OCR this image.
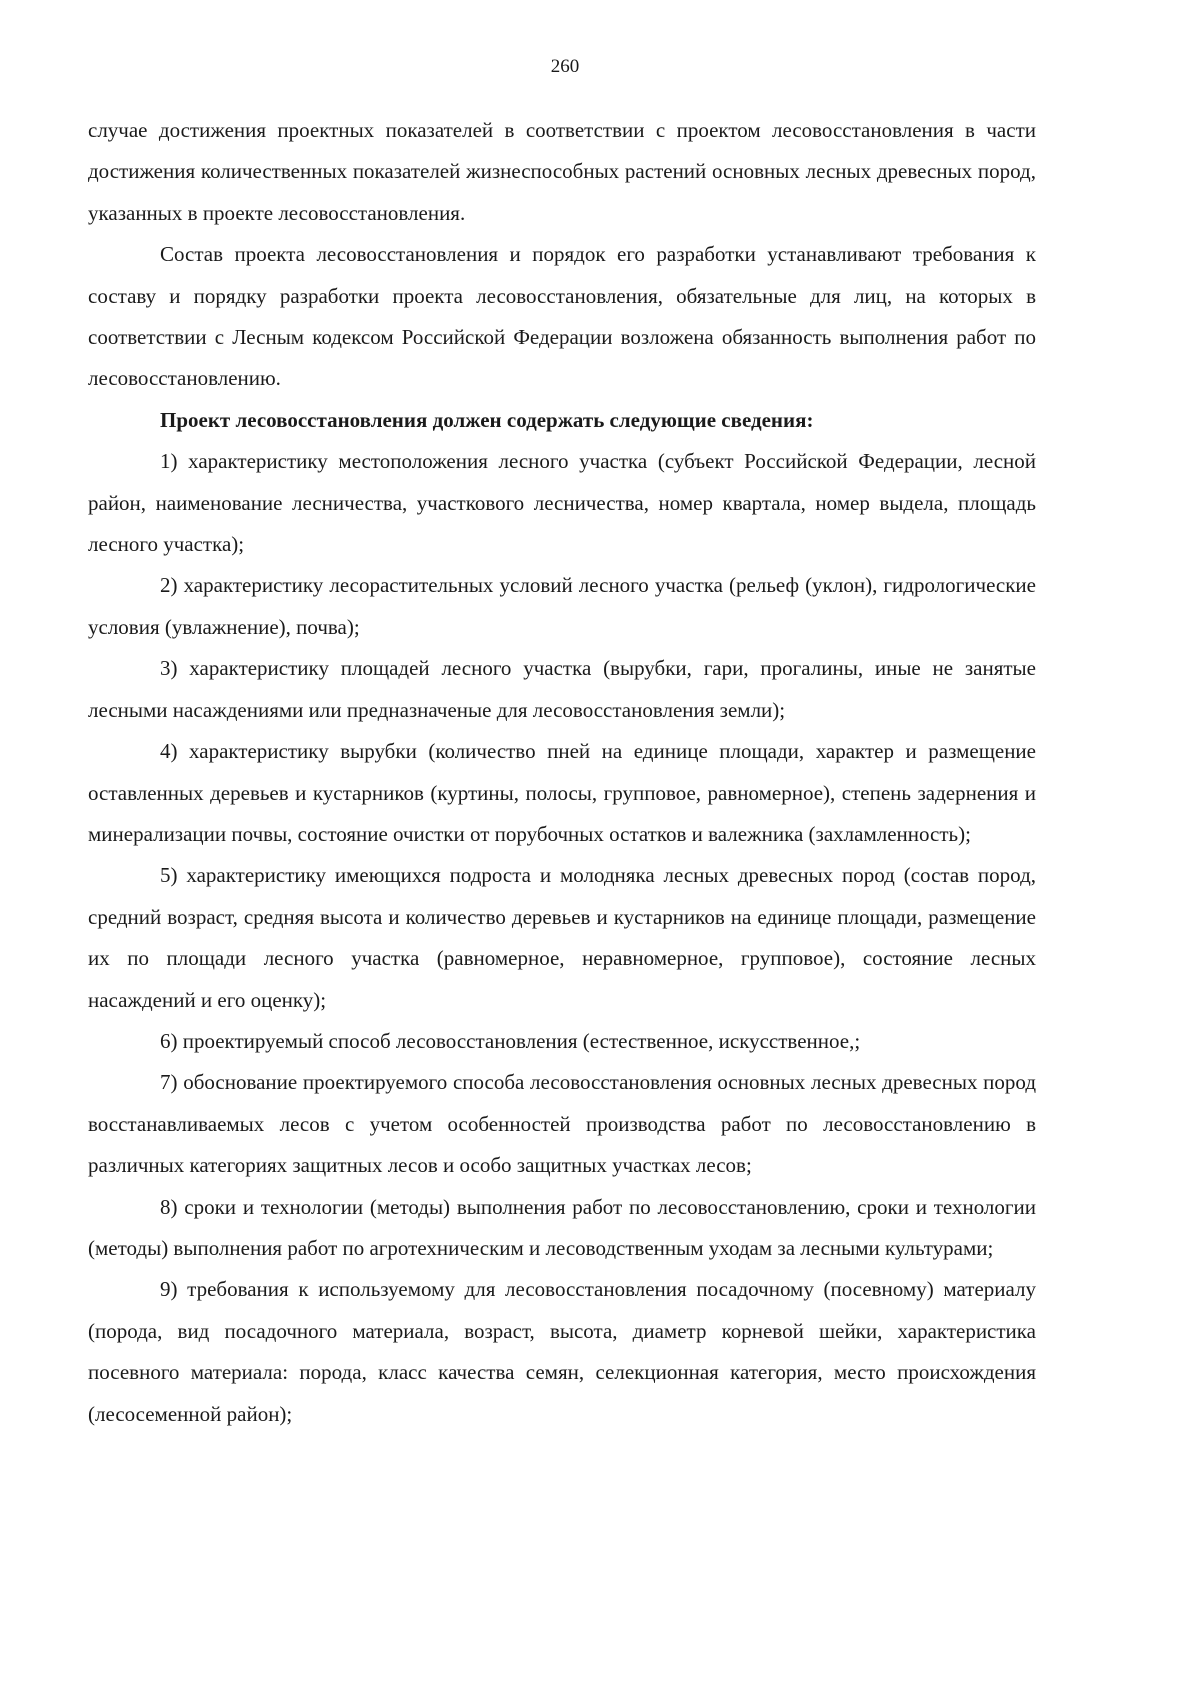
260

случае достижения проектных показателей в соответствии с проектом лесовосстановления в части достижения количественных показателей жизнеспособных растений основных лесных древесных пород, указанных в проекте лесовосстановления.

Состав проекта лесовосстановления и порядок его разработки устанавливают требования к составу и порядку разработки проекта лесовосстановления, обязательные для лиц, на которых в соответствии с Лесным кодексом Российской Федерации возложена обязанность выполнения работ по лесовосстановлению.

Проект лесовосстановления должен содержать следующие сведения:

1) характеристику местоположения лесного участка (субъект Российской Федерации, лесной район, наименование лесничества, участкового лесничества, номер квартала, номер выдела, площадь лесного участка);

2) характеристику лесорастительных условий лесного участка (рельеф (уклон), гидрологические условия (увлажнение), почва);

3) характеристику площадей лесного участка (вырубки, гари, прогалины, иные не занятые лесными насаждениями или предназначеные для лесовосстановления земли);

4) характеристику вырубки (количество пней на единице площади, характер и размещение оставленных деревьев и кустарников (куртины, полосы, групповое, равномерное), степень задернения и минерализации почвы, состояние очистки от порубочных остатков и валежника (захламленность);

5) характеристику имеющихся подроста и молодняка лесных древесных пород (состав пород, средний возраст, средняя высота и количество деревьев и кустарников на единице площади, размещение их по площади лесного участка (равномерное, неравномерное, групповое), состояние лесных насаждений и его оценку);

6) проектируемый способ лесовосстановления (естественное, искусственное,;

7) обоснование проектируемого способа лесовосстановления основных лесных древесных пород восстанавливаемых лесов с учетом особенностей производства работ по лесовосстановлению в различных категориях защитных лесов и особо защитных участках лесов;

8) сроки и технологии (методы) выполнения работ по лесовосстановлению, сроки и технологии (методы) выполнения работ по агротехническим и лесоводственным уходам за лесными культурами;

9) требования к используемому для лесовосстановления посадочному (посевному) материалу (порода, вид посадочного материала, возраст, высота, диаметр корневой шейки, характеристика посевного материала: порода, класс качества семян, селекционная категория, место происхождения (лесосеменной район);
